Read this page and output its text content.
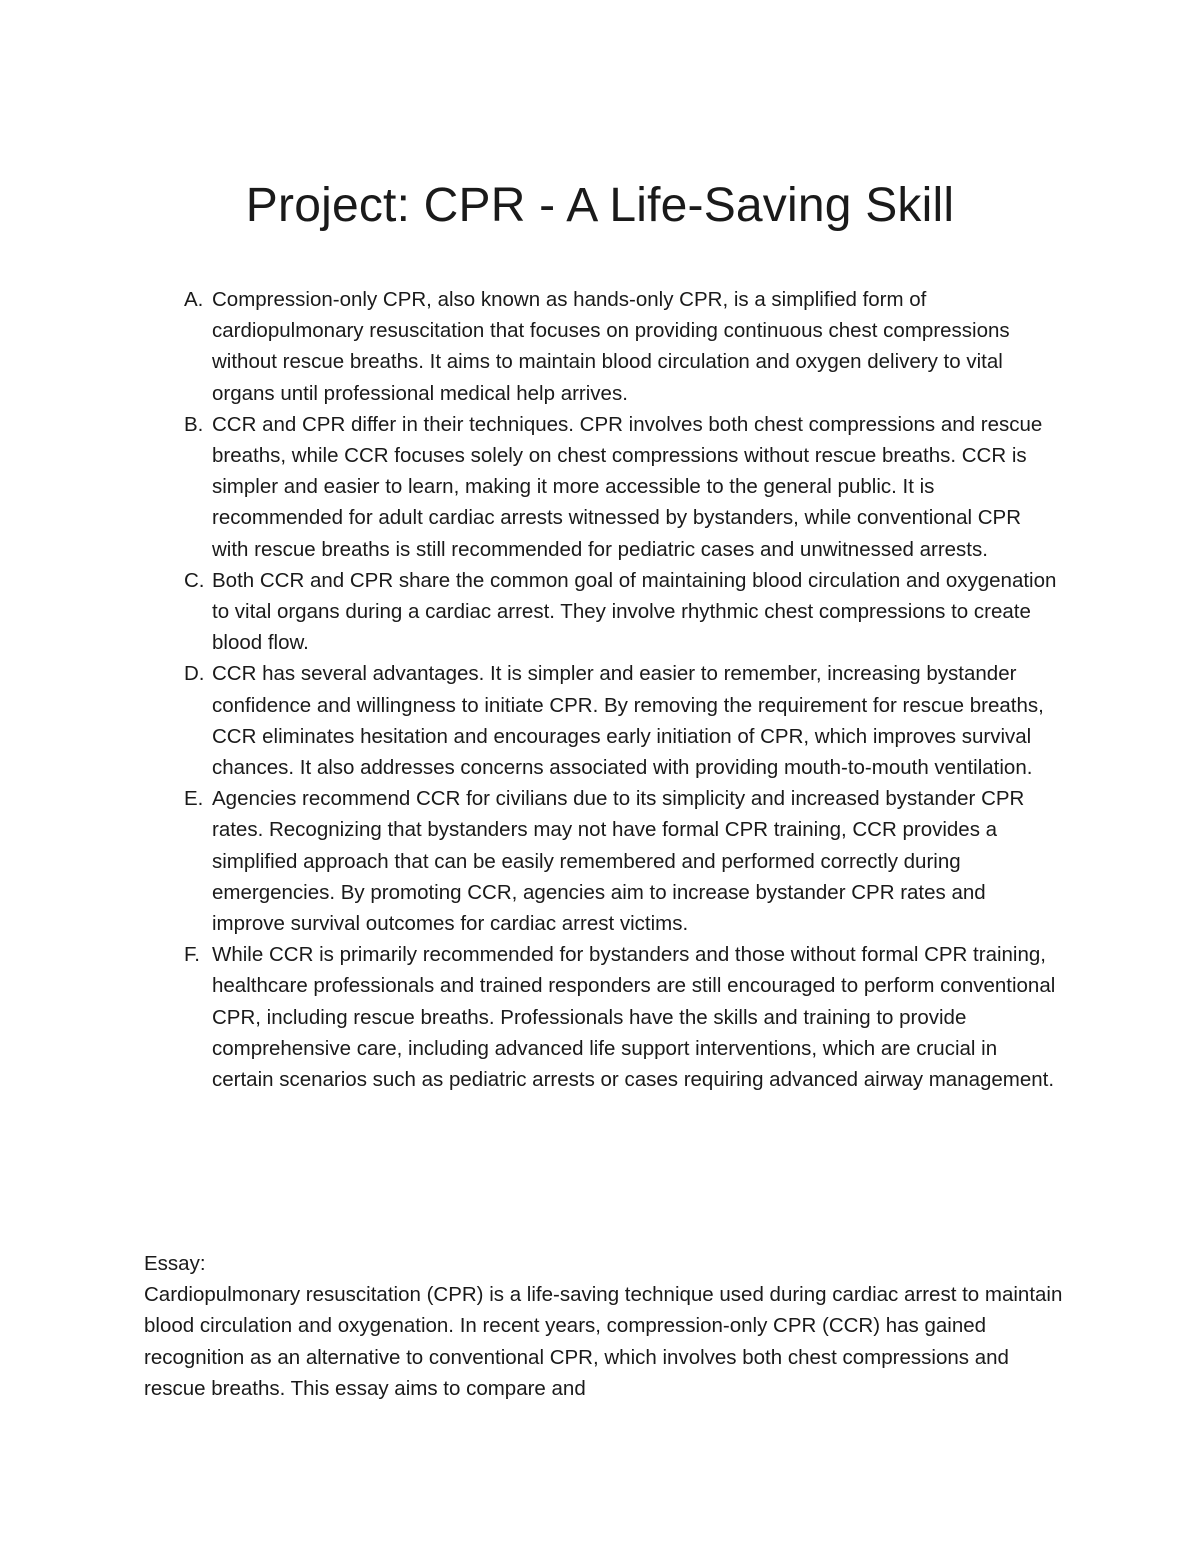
Project: CPR - A Life-Saving Skill
A. Compression-only CPR, also known as hands-only CPR, is a simplified form of cardiopulmonary resuscitation that focuses on providing continuous chest compressions without rescue breaths. It aims to maintain blood circulation and oxygen delivery to vital organs until professional medical help arrives.
B. CCR and CPR differ in their techniques. CPR involves both chest compressions and rescue breaths, while CCR focuses solely on chest compressions without rescue breaths. CCR is simpler and easier to learn, making it more accessible to the general public. It is recommended for adult cardiac arrests witnessed by bystanders, while conventional CPR with rescue breaths is still recommended for pediatric cases and unwitnessed arrests.
C. Both CCR and CPR share the common goal of maintaining blood circulation and oxygenation to vital organs during a cardiac arrest. They involve rhythmic chest compressions to create blood flow.
D. CCR has several advantages. It is simpler and easier to remember, increasing bystander confidence and willingness to initiate CPR. By removing the requirement for rescue breaths, CCR eliminates hesitation and encourages early initiation of CPR, which improves survival chances. It also addresses concerns associated with providing mouth-to-mouth ventilation.
E. Agencies recommend CCR for civilians due to its simplicity and increased bystander CPR rates. Recognizing that bystanders may not have formal CPR training, CCR provides a simplified approach that can be easily remembered and performed correctly during emergencies. By promoting CCR, agencies aim to increase bystander CPR rates and improve survival outcomes for cardiac arrest victims.
F. While CCR is primarily recommended for bystanders and those without formal CPR training, healthcare professionals and trained responders are still encouraged to perform conventional CPR, including rescue breaths. Professionals have the skills and training to provide comprehensive care, including advanced life support interventions, which are crucial in certain scenarios such as pediatric arrests or cases requiring advanced airway management.

Essay:

Cardiopulmonary resuscitation (CPR) is a life-saving technique used during cardiac arrest to maintain blood circulation and oxygenation. In recent years, compression-only CPR (CCR) has gained recognition as an alternative to conventional CPR, which involves both chest compressions and rescue breaths. This essay aims to compare and
